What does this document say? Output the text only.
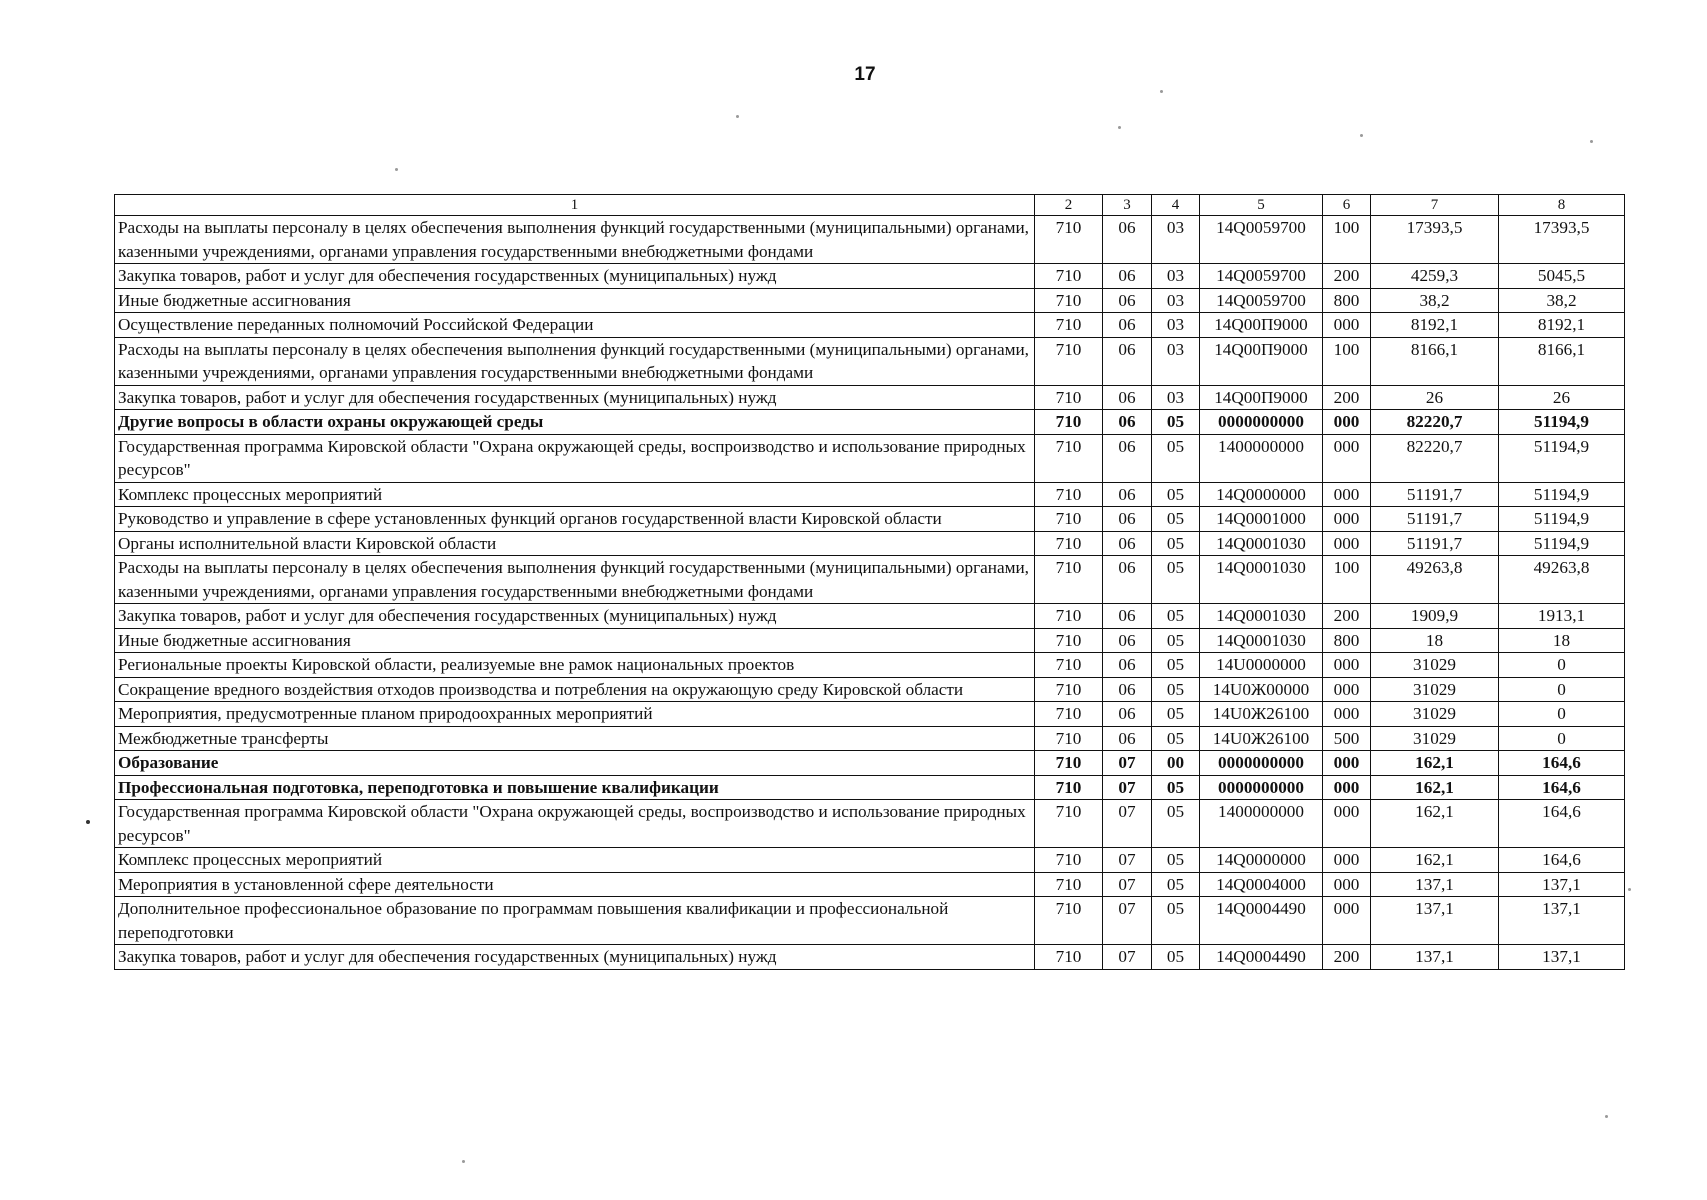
17
1	2	3	4	5	6	7	8
Расходы на выплаты персоналу в целях обеспечения выполнения функций государственными (муниципальными) органами, казенными учреждениями, органами управления государственными внебюджетными фондами	710	06	03	14Q0059700	100	17393,5	17393,5
Закупка товаров, работ и услуг для обеспечения государственных (муниципальных) нужд	710	06	03	14Q0059700	200	4259,3	5045,5
Иные бюджетные ассигнования	710	06	03	14Q0059700	800	38,2	38,2
Осуществление переданных полномочий Российской Федерации	710	06	03	14Q00П9000	000	8192,1	8192,1
Расходы на выплаты персоналу в целях обеспечения выполнения функций государственными (муниципальными) органами, казенными учреждениями, органами управления государственными внебюджетными фондами	710	06	03	14Q00П9000	100	8166,1	8166,1
Закупка товаров, работ и услуг для обеспечения государственных (муниципальных) нужд	710	06	03	14Q00П9000	200	26	26
Другие вопросы в области охраны окружающей среды	710	06	05	0000000000	000	82220,7	51194,9
Государственная программа Кировской области "Охрана окружающей среды, воспроизводство и использование природных ресурсов"	710	06	05	1400000000	000	82220,7	51194,9
Комплекс процессных мероприятий	710	06	05	14Q0000000	000	51191,7	51194,9
Руководство и управление в сфере установленных функций органов государственной власти Кировской области	710	06	05	14Q0001000	000	51191,7	51194,9
Органы исполнительной власти Кировской области	710	06	05	14Q0001030	000	51191,7	51194,9
Расходы на выплаты персоналу в целях обеспечения выполнения функций государственными (муниципальными) органами, казенными учреждениями, органами управления государственными внебюджетными фондами	710	06	05	14Q0001030	100	49263,8	49263,8
Закупка товаров, работ и услуг для обеспечения государственных (муниципальных) нужд	710	06	05	14Q0001030	200	1909,9	1913,1
Иные бюджетные ассигнования	710	06	05	14Q0001030	800	18	18
Региональные проекты Кировской области, реализуемые вне рамок национальных проектов	710	06	05	14U0000000	000	31029	0
Сокращение вредного воздействия отходов производства и потребления на окружающую среду Кировской области	710	06	05	14U0Ж00000	000	31029	0
Мероприятия, предусмотренные планом природоохранных мероприятий	710	06	05	14U0Ж26100	000	31029	0
Межбюджетные трансферты	710	06	05	14U0Ж26100	500	31029	0
Образование	710	07	00	0000000000	000	162,1	164,6
Профессиональная подготовка, переподготовка и повышение квалификации	710	07	05	0000000000	000	162,1	164,6
Государственная программа Кировской области "Охрана окружающей среды, воспроизводство и использование природных ресурсов"	710	07	05	1400000000	000	162,1	164,6
Комплекс процессных мероприятий	710	07	05	14Q0000000	000	162,1	164,6
Мероприятия в установленной сфере деятельности	710	07	05	14Q0004000	000	137,1	137,1
Дополнительное профессиональное образование по программам повышения квалификации и профессиональной переподготовки	710	07	05	14Q0004490	000	137,1	137,1
Закупка товаров, работ и услуг для обеспечения государственных (муниципальных) нужд	710	07	05	14Q0004490	200	137,1	137,1
